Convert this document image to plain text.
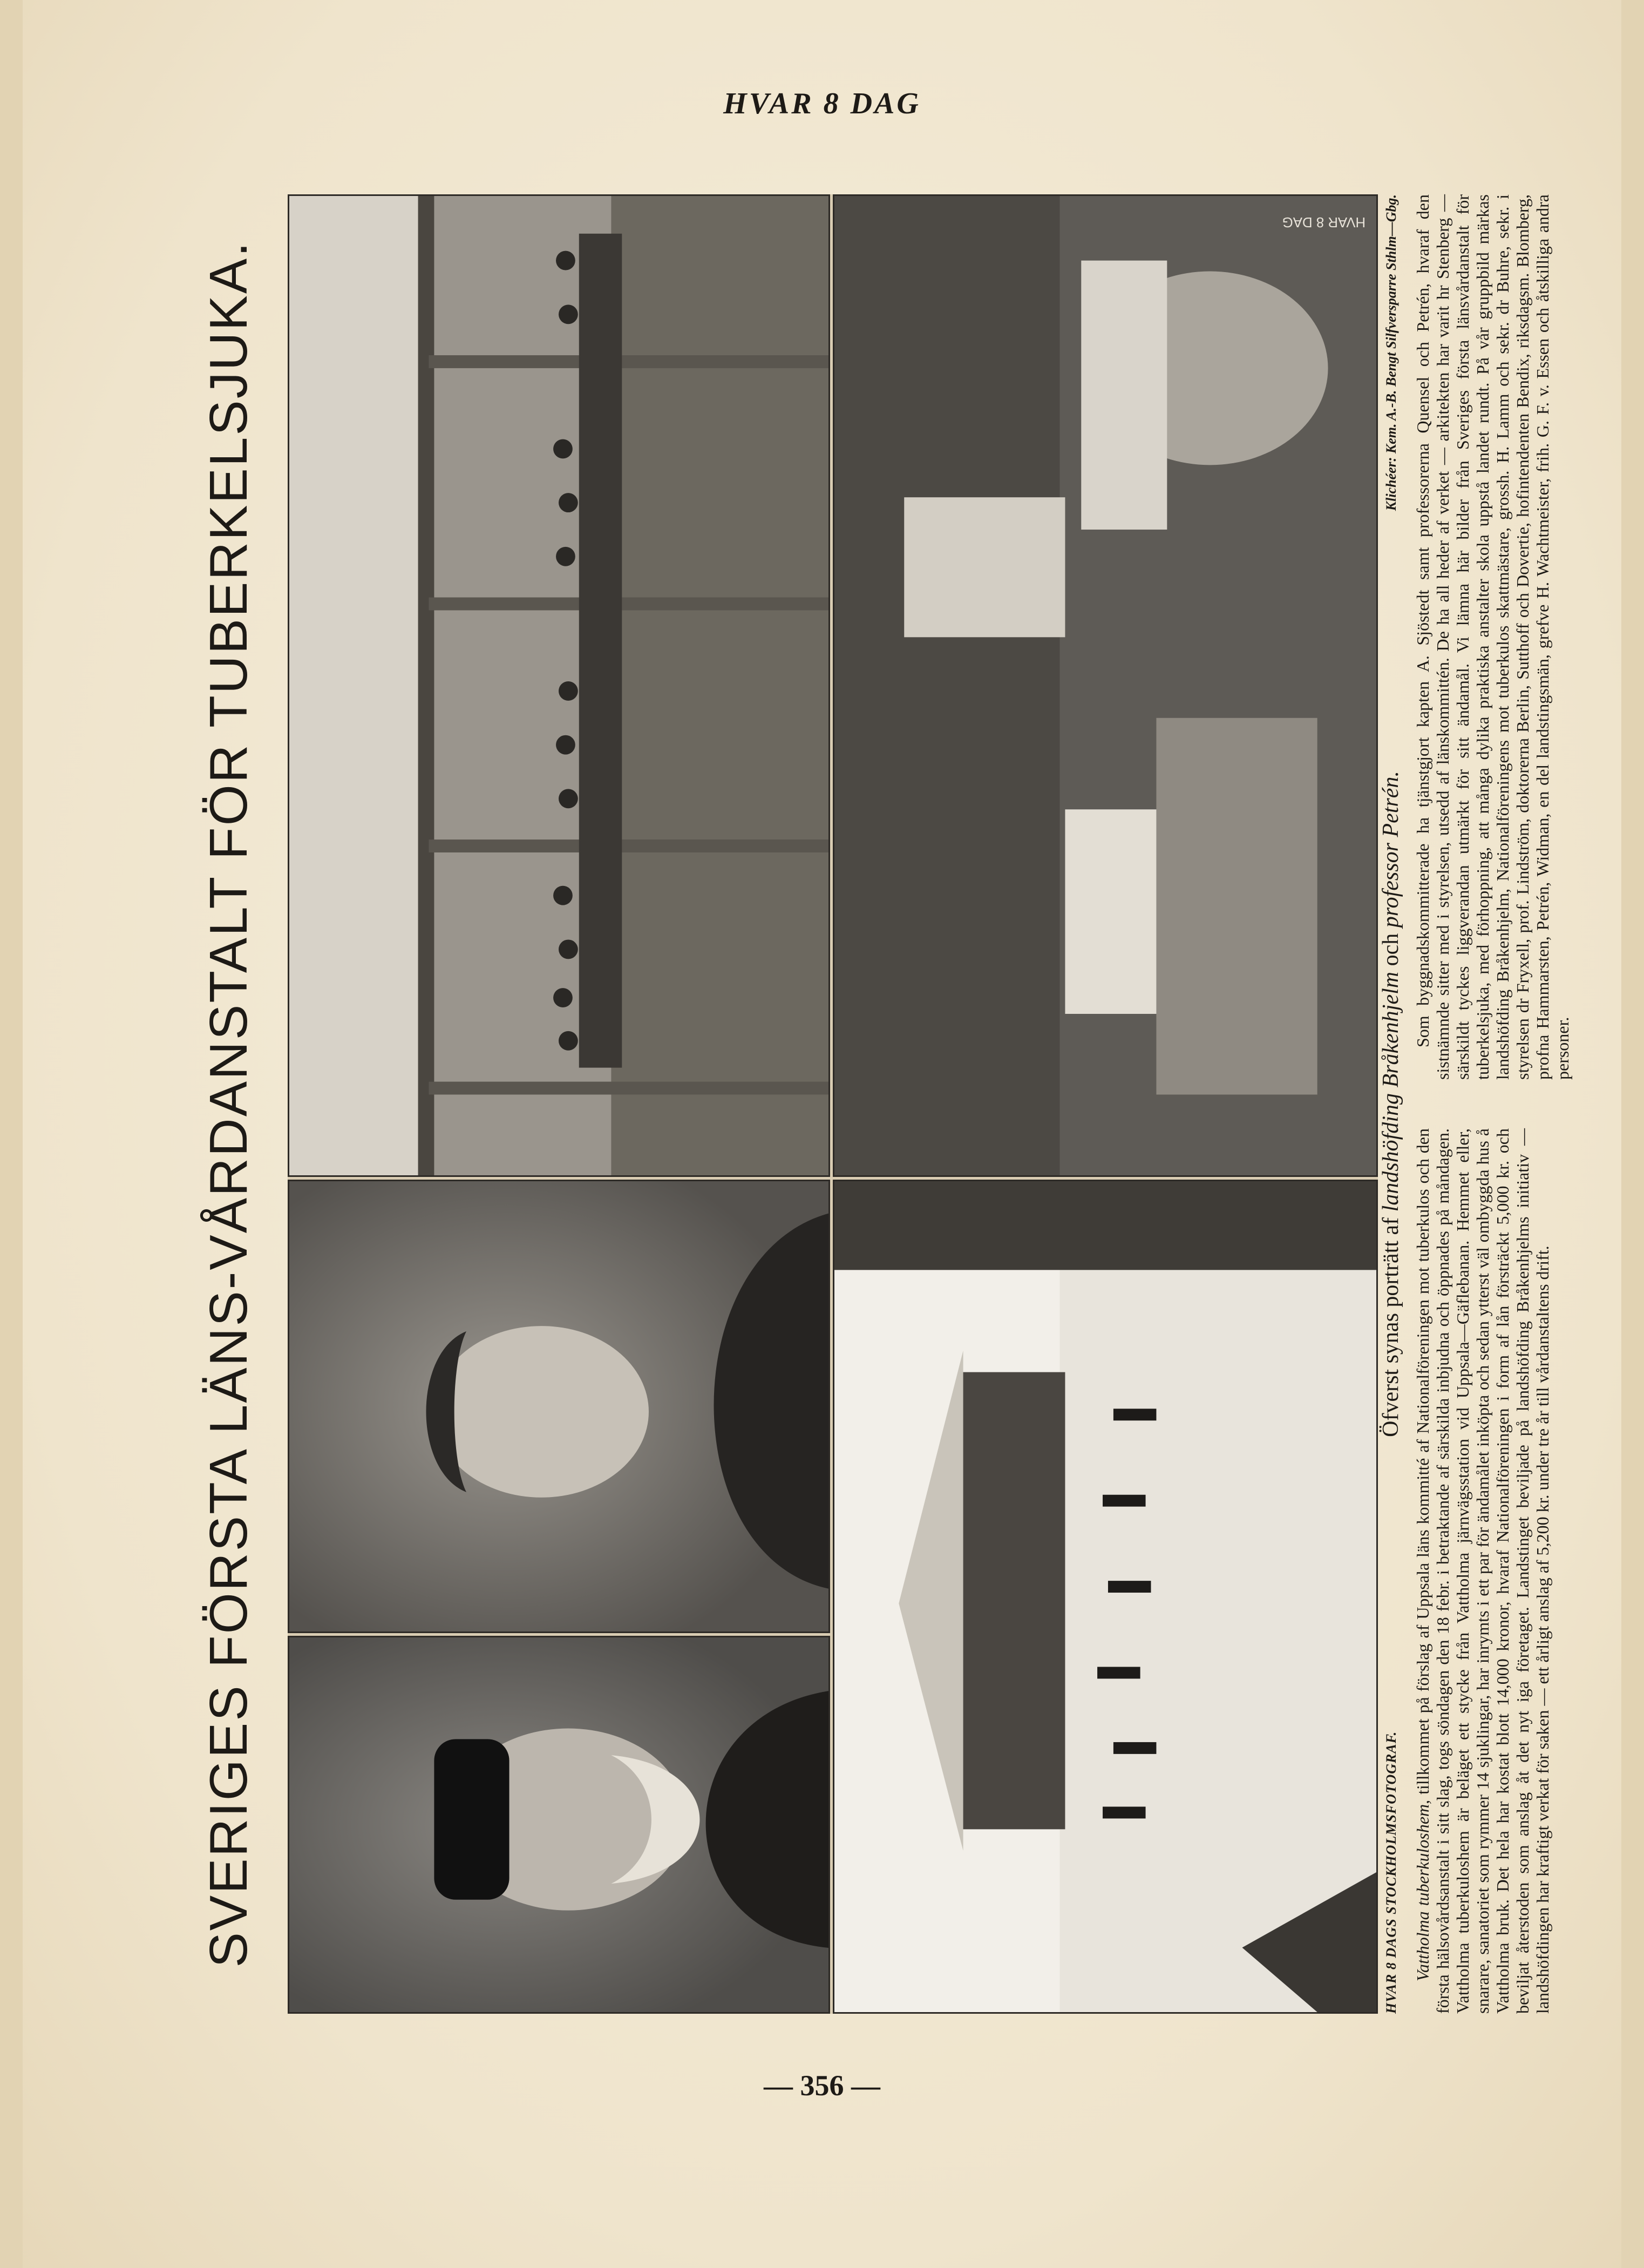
HVAR 8 DAG
SVERIGES FÖRSTA LÄNS-VÅRDANSTALT FÖR TUBERKELSJUKA.
HVAR 8 DAG
HVAR 8 DAGS STOCKHOLMSFOTOGRAF.
Öfverst synas porträtt af landshöfding Bråkenhjelm och professor Petrén.
Klichéer: Kem. A.-B. Bengt Silfversparre Sthlm—Gbg.
Vattholma tuberkuloshem, tillkommet på förslag af Uppsala läns kommitté af Nationalföreningen mot tuberkulos och den första hälsovårdsanstalt i sitt slag, togs söndagen den 18 febr. i betraktande af särskilda inbjudna och öppnades på måndagen. Vattholma tuberkuloshem är beläget ett stycke från Vattholma järnvägsstation vid Uppsala—Gäflebanan. Hemmet eller, snarare, sanatoriet som rymmer 14 sjuklingar, har inrymts i ett par för ändamålet inköpta och sedan ytterst väl ombyggda hus å Vattholma bruk. Det hela har kostat blott 14,000 kronor, hvaraf Nationalföreningen i form af lån försträckt 5,000 kr. och beviljat återstoden som anslag åt det nyt iga företaget. Landstinget beviljade på landshöfding Bråkenhjelms initiativ — landshöfdingen har kraftigt verkat för saken — ett årligt anslag af 5,200 kr. under tre år till vårdanstaltens drift.
Som byggnadskommitterade ha tjänstgjort kapten A. Sjöstedt samt professorerna Quensel och Petrén, hvaraf den sistnämnde sitter med i styrelsen, utsedd af länskommittén. De ha all heder af verket — arkitekten har varit hr Stenberg — särskildt tyckes liggverandan utmärkt för sitt ändamål. Vi lämna här bilder från Sveriges första länsvårdanstalt för tuberkelsjuka, med förhoppning, att många dylika praktiska anstalter skola uppstå landet rundt. På vår gruppbild märkas landshöfding Bråkenhjelm, Nationalföreningens mot tuberkulos skattmästare, grossh. H. Lamm och sekr. dr Buhre, sekr. i styrelsen dr Fryxell, prof. Lindström, doktorerna Berlin, Sutthoff och Dovertie, hofintendenten Bendix, riksdagsm. Blomberg, profna Hammarsten, Petrén, Widman, en del landstingsmän, grefve H. Wachtmeister, frih. G. F. v. Essen och åtskilliga andra personer.
— 356 —
